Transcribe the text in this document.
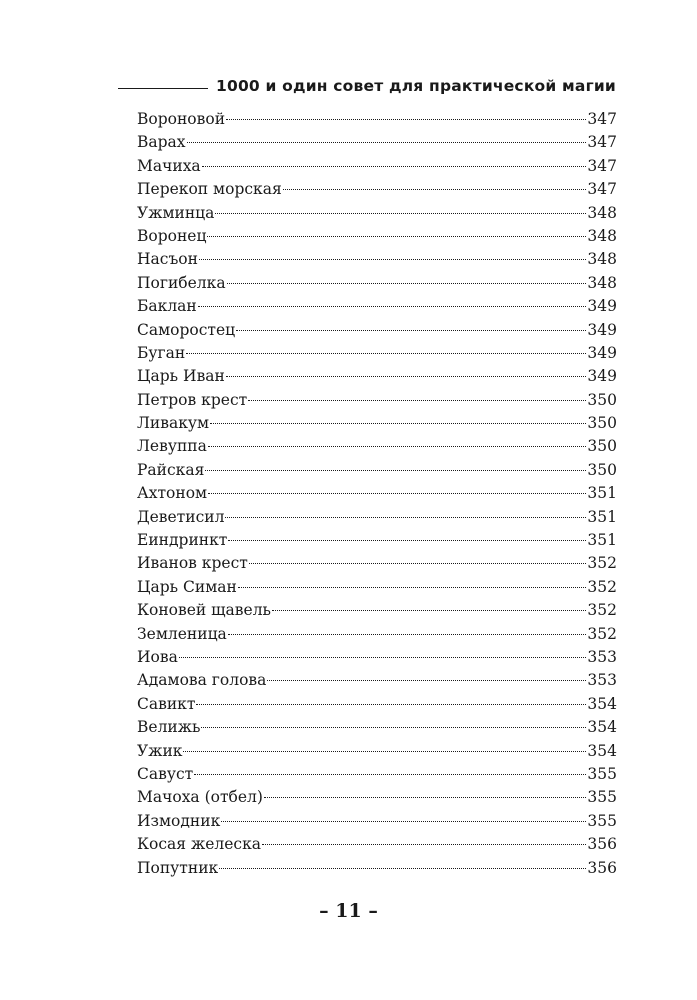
1000 и один совет для практической магии
Вороновой	347
Варах	347
Мачиха	347
Перекоп морская	347
Ужминца	348
Воронец	348
Насъон	348
Погибелка	348
Баклан	349
Саморостец	349
Буган	349
Царь Иван	349
Петров крест	350
Ливакум	350
Левуппа	350
Райская	350
Ахтоном	351
Деветисил	351
Еиндринкт	351
Иванов крест	352
Царь Симан	352
Коновей щавель	352
Земленица	352
Иова	353
Адамова голова	353
Савикт	354
Велижь	354
Ужик	354
Савуст	355
Мачоха (отбел)	355
Измодник	355
Косая желеска	356
Попутник	356
– 11 –
